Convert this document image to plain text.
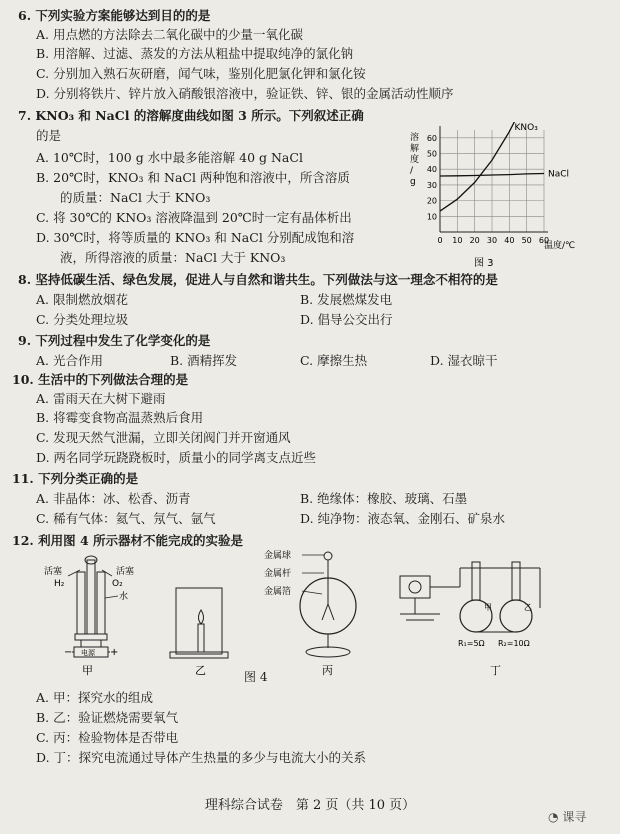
6. 下列实验方案能够达到目的的是
A. 用点燃的方法除去二氧化碳中的少量一氧化碳
B. 用溶解、过滤、蒸发的方法从粗盐中提取纯净的氯化钠
C. 分别加入熟石灰研磨，闻气味，鉴别化肥氯化钾和氯化铵
D. 分别将铁片、锌片放入硝酸银溶液中，验证铁、锌、银的金属活动性顺序
7. KNO₃ 和 NaCl 的溶解度曲线如图 3 所示。下列叙述正确
的是
A. 10℃时，100 g 水中最多能溶解 40 g NaCl
B. 20℃时，KNO₃ 和 NaCl 两种饱和溶液中，所含溶质
的质量：NaCl 大于 KNO₃
C. 将 30℃的 KNO₃ 溶液降温到 20℃时一定有晶体析出
D. 30℃时，将等质量的 KNO₃ 和 NaCl 分别配成饱和溶
液，所得溶液的质量：NaCl 大于 KNO₃
溶
解
度
/
g
60
50
40
30
20
10
0 10 20 30 40 50 60
KNO₃
NaCl
温度/℃
图 3
8. 坚持低碳生活、绿色发展，促进人与自然和谐共生。下列做法与这一理念不相符的是
A. 限制燃放烟花	B. 发展燃煤发电
C. 分类处理垃圾	D. 倡导公交出行
9. 下列过程中发生了化学变化的是
A. 光合作用	B. 酒精挥发	C. 摩擦生热	D. 湿衣晾干
10. 生活中的下列做法合理的是
A. 雷雨天在大树下避雨
B. 将霉变食物高温蒸熟后食用
C. 发现天然气泄漏，立即关闭阀门并开窗通风
D. 两名同学玩跷跷板时，质量小的同学离支点近些
11. 下列分类正确的是
A. 非晶体：冰、松香、沥青	B. 绝缘体：橡胶、玻璃、石墨
C. 稀有气体：氦气、氖气、氩气	D. 纯净物：液态氧、金刚石、矿泉水
12. 利用图 4 所示器材不能完成的实验是
活塞	活塞
H₂	O₂
水
电源
−	+
甲	乙
金属球
金属杆
金属箔
丙
甲	乙
R₁=5Ω R₂=10Ω
丁
图 4
A. 甲：探究水的组成
B. 乙：验证燃烧需要氧气
C. 丙：检验物体是否带电
D. 丁：探究电流通过导体产生热量的多少与电流大小的关系
理科综合试卷　第 2 页（共 10 页）
◔ 课寻
